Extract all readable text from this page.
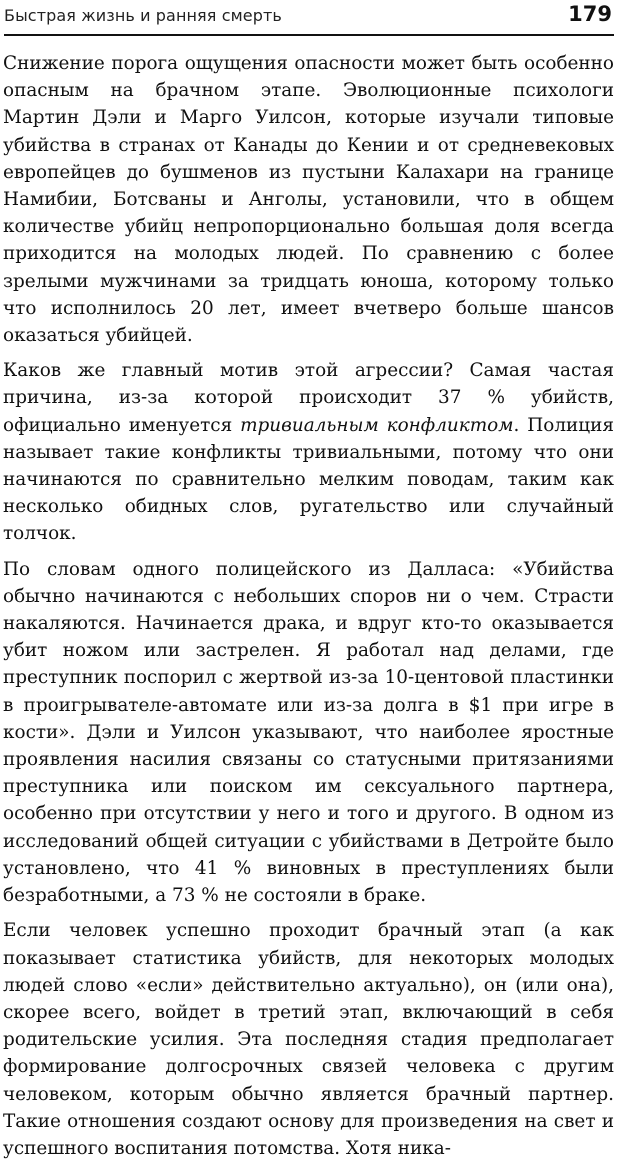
Быстрая жизнь и ранняя смерть	179

Снижение порога ощущения опасности может быть особенно опасным на брачном этапе. Эволюционные психологи Мартин Дэли и Марго Уилсон, которые изучали типовые убийства в странах от Канады до Кении и от средневековых европейцев до бушменов из пустыни Калахари на границе Намибии, Ботсваны и Анголы, установили, что в общем количестве убийц непропорционально большая доля всегда приходится на молодых людей. По сравнению с более зрелыми мужчинами за тридцать юноша, которому только что исполнилось 20 лет, имеет вчетверо больше шансов оказаться убийцей.

Каков же главный мотив этой агрессии? Самая частая причина, из-за которой происходит 37 % убийств, официально именуется тривиальным конфликтом. Полиция называет такие конфликты тривиальными, потому что они начинаются по сравнительно мелким поводам, таким как несколько обидных слов, ругательство или случайный толчок.

По словам одного полицейского из Далласа: «Убийства обычно начинаются с небольших споров ни о чем. Страсти накаляются. Начинается драка, и вдруг кто-то оказывается убит ножом или застрелен. Я работал над делами, где преступник поспорил с жертвой из-за 10-центовой пластинки в проигрывателе-автомате или из-за долга в $1 при игре в кости». Дэли и Уилсон указывают, что наиболее яростные проявления насилия связаны со статусными притязаниями преступника или поиском им сексуального партнера, особенно при отсутствии у него и того и другого. В одном из исследований общей ситуации с убийствами в Детройте было установлено, что 41 % виновных в преступлениях были безработными, а 73 % не состояли в браке.

Если человек успешно проходит брачный этап (а как показывает статистика убийств, для некоторых молодых людей слово «если» действительно актуально), он (или она), скорее всего, войдет в третий этап, включающий в себя родительские усилия. Эта последняя стадия предполагает формирование долгосрочных связей человека с другим человеком, которым обычно является брачный партнер. Такие отношения создают основу для произведения на свет и успешного воспитания потомства. Хотя ника-
